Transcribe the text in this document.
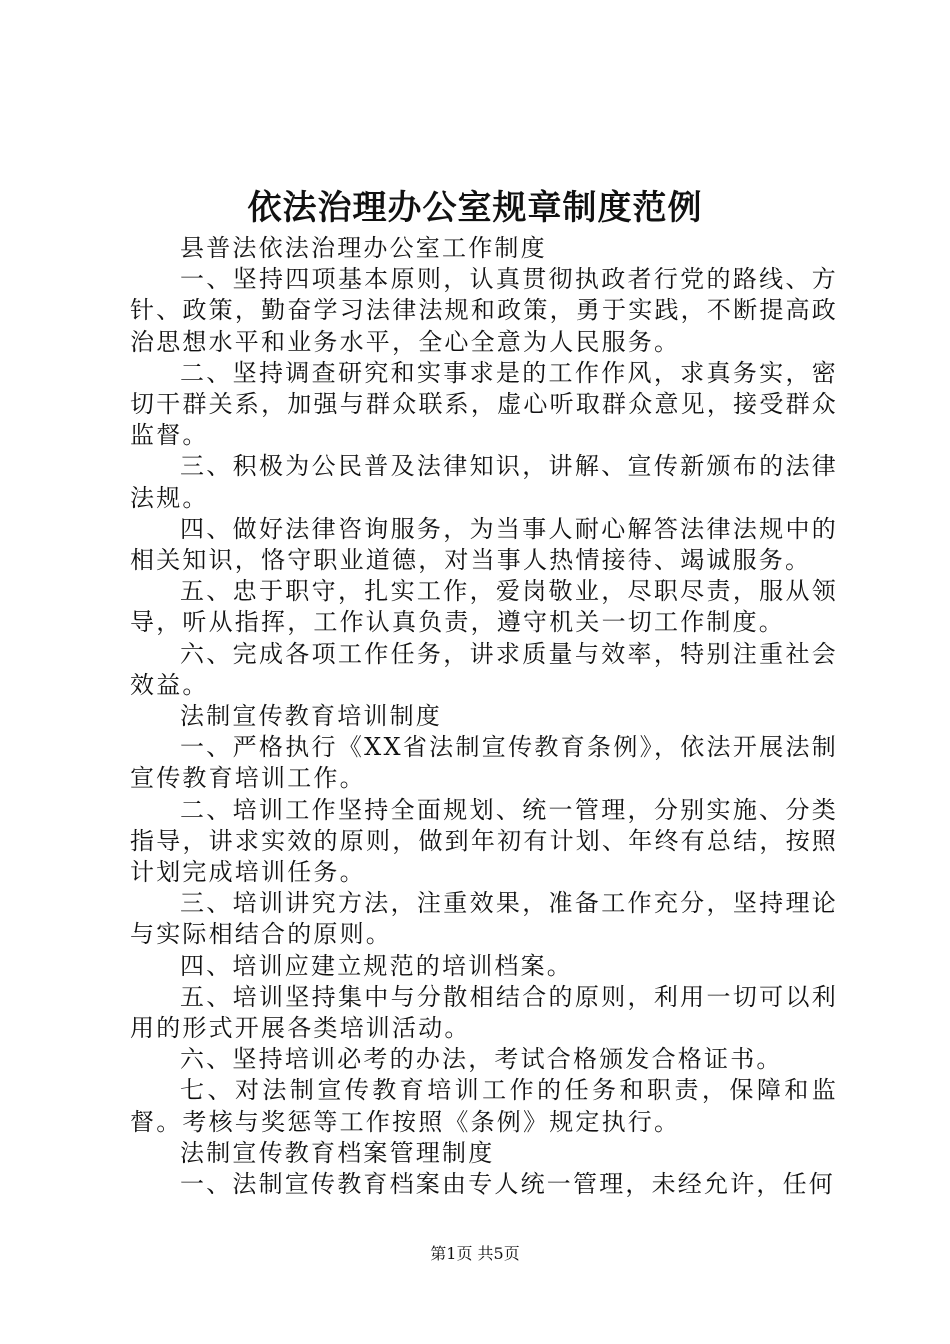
依法治理办公室规章制度范例

县普法依法治理办公室工作制度

一、坚持四项基本原则，认真贯彻执政者行党的路线、方针、政策，勤奋学习法律法规和政策，勇于实践，不断提高政治思想水平和业务水平，全心全意为人民服务。

二、坚持调查研究和实事求是的工作作风，求真务实，密切干群关系，加强与群众联系，虚心听取群众意见，接受群众监督。

三、积极为公民普及法律知识，讲解、宣传新颁布的法律法规。

四、做好法律咨询服务，为当事人耐心解答法律法规中的相关知识，恪守职业道德，对当事人热情接待、竭诚服务。

五、忠于职守，扎实工作，爱岗敬业，尽职尽责，服从领导，听从指挥，工作认真负责，遵守机关一切工作制度。

六、完成各项工作任务，讲求质量与效率，特别注重社会效益。

法制宣传教育培训制度

一、严格执行《XX省法制宣传教育条例》，依法开展法制宣传教育培训工作。

二、培训工作坚持全面规划、统一管理，分别实施、分类指导，讲求实效的原则，做到年初有计划、年终有总结，按照计划完成培训任务。

三、培训讲究方法，注重效果，准备工作充分，坚持理论与实际相结合的原则。

四、培训应建立规范的培训档案。

五、培训坚持集中与分散相结合的原则，利用一切可以利用的形式开展各类培训活动。

六、坚持培训必考的办法，考试合格颁发合格证书。

七、对法制宣传教育培训工作的任务和职责，保障和监督。考核与奖惩等工作按照《条例》规定执行。

法制宣传教育档案管理制度

一、法制宣传教育档案由专人统一管理，未经允许，任何

第1页 共5页
